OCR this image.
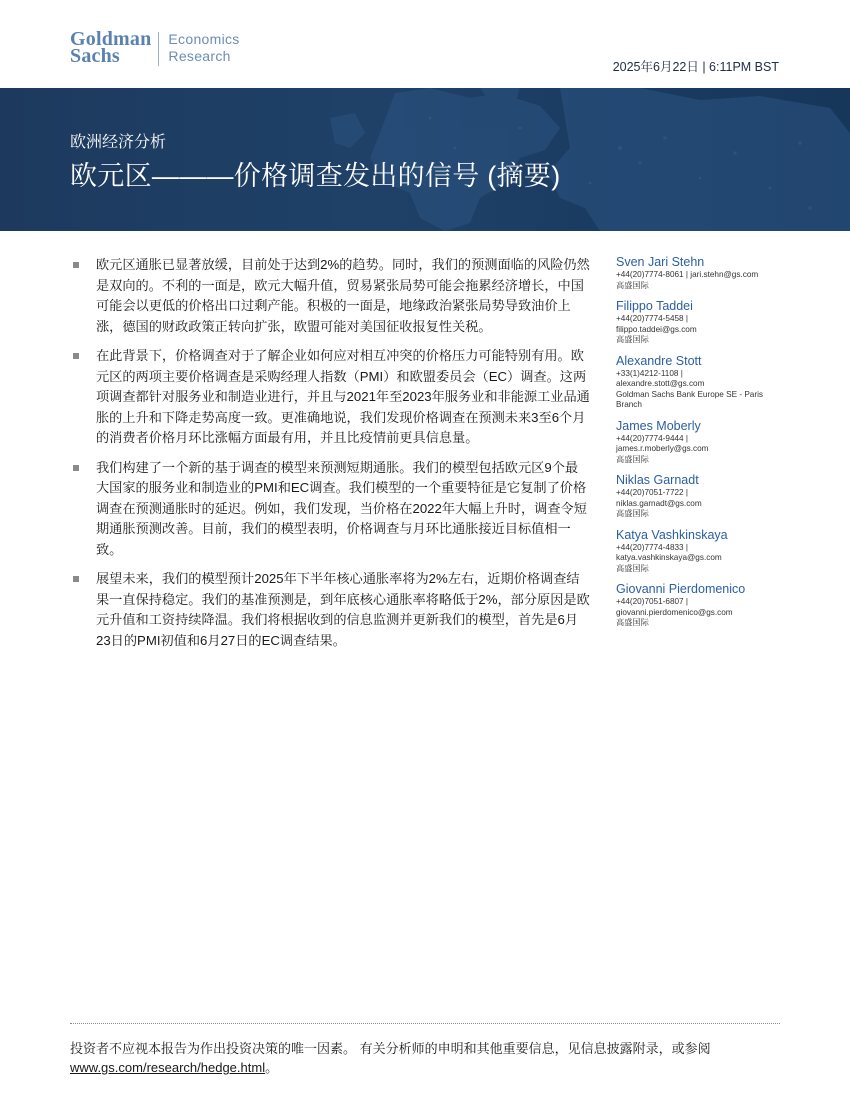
Goldman
Sachs
Economics
Research
2025年6月22日 | 6:11PM BST
欧洲经济分析
欧元区———价格调查发出的信号 (摘要)
欧元区通胀已显著放缓，目前处于达到2%的趋势。同时，我们的预测面临的风险仍然是双向的。不利的一面是，欧元大幅升值，贸易紧张局势可能会拖累经济增长，中国可能会以更低的价格出口过剩产能。积极的一面是，地缘政治紧张局势导致油价上涨，德国的财政政策正转向扩张，欧盟可能对美国征收报复性关税。
在此背景下，价格调查对于了解企业如何应对相互冲突的价格压力可能特别有用。欧元区的两项主要价格调查是采购经理人指数（PMI）和欧盟委员会（EC）调查。这两项调查都针对服务业和制造业进行，并且与2021年至2023年服务业和非能源工业品通胀的上升和下降走势高度一致。更准确地说，我们发现价格调查在预测未来3至6个月的消费者价格月环比涨幅方面最有用，并且比疫情前更具信息量。
我们构建了一个新的基于调查的模型来预测短期通胀。我们的模型包括欧元区9个最大国家的服务业和制造业的PMI和EC调查。我们模型的一个重要特征是它复制了价格调查在预测通胀时的延迟。例如，我们发现，当价格在2022年大幅上升时，调查令短期通胀预测改善。目前，我们的模型表明，价格调查与月环比通胀接近目标值相一致。
展望未来，我们的模型预计2025年下半年核心通胀率将为2%左右，近期价格调查结果一直保持稳定。我们的基准预测是，到年底核心通胀率将略低于2%，部分原因是欧元升值和工资持续降温。我们将根据收到的信息监测并更新我们的模型，首先是6月23日的PMI初值和6月27日的EC调查结果。
Sven Jari Stehn
+44(20)7774-8061 | jari.stehn@gs.com
高盛国际
Filippo Taddei
+44(20)7774-5458 |
filippo.taddei@gs.com
高盛国际
Alexandre Stott
+33(1)4212-1108 |
alexandre.stott@gs.com
Goldman Sachs Bank Europe SE - Paris Branch
James Moberly
+44(20)7774-9444 |
james.r.moberly@gs.com
高盛国际
Niklas Garnadt
+44(20)7051-7722 |
niklas.garnadt@gs.com
高盛国际
Katya Vashkinskaya
+44(20)7774-4833 |
katya.vashkinskaya@gs.com
高盛国际
Giovanni Pierdomenico
+44(20)7051-6807 |
giovanni.pierdomenico@gs.com
高盛国际
投资者不应视本报告为作出投资决策的唯一因素。 有关分析师的申明和其他重要信息，见信息披露附录，或参阅
www.gs.com/research/hedge.html。
